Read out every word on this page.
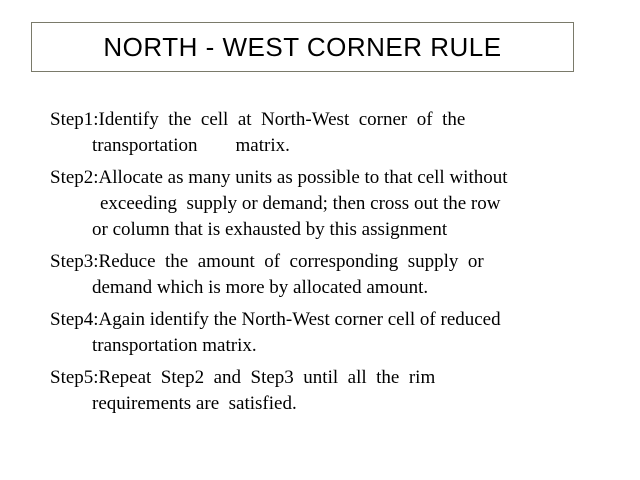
NORTH - WEST CORNER RULE
Step1:Identify  the  cell  at  North-West  corner  of  the
transportation        matrix.
Step2:Allocate as many units as possible to that cell without
exceeding  supply or demand; then cross out the row
or column that is exhausted by this assignment
Step3:Reduce  the  amount  of  corresponding  supply  or
demand which is more by allocated amount.
Step4:Again identify the North-West corner cell of reduced
transportation matrix.
Step5:Repeat  Step2  and  Step3  until  all  the  rim
requirements are  satisfied.
